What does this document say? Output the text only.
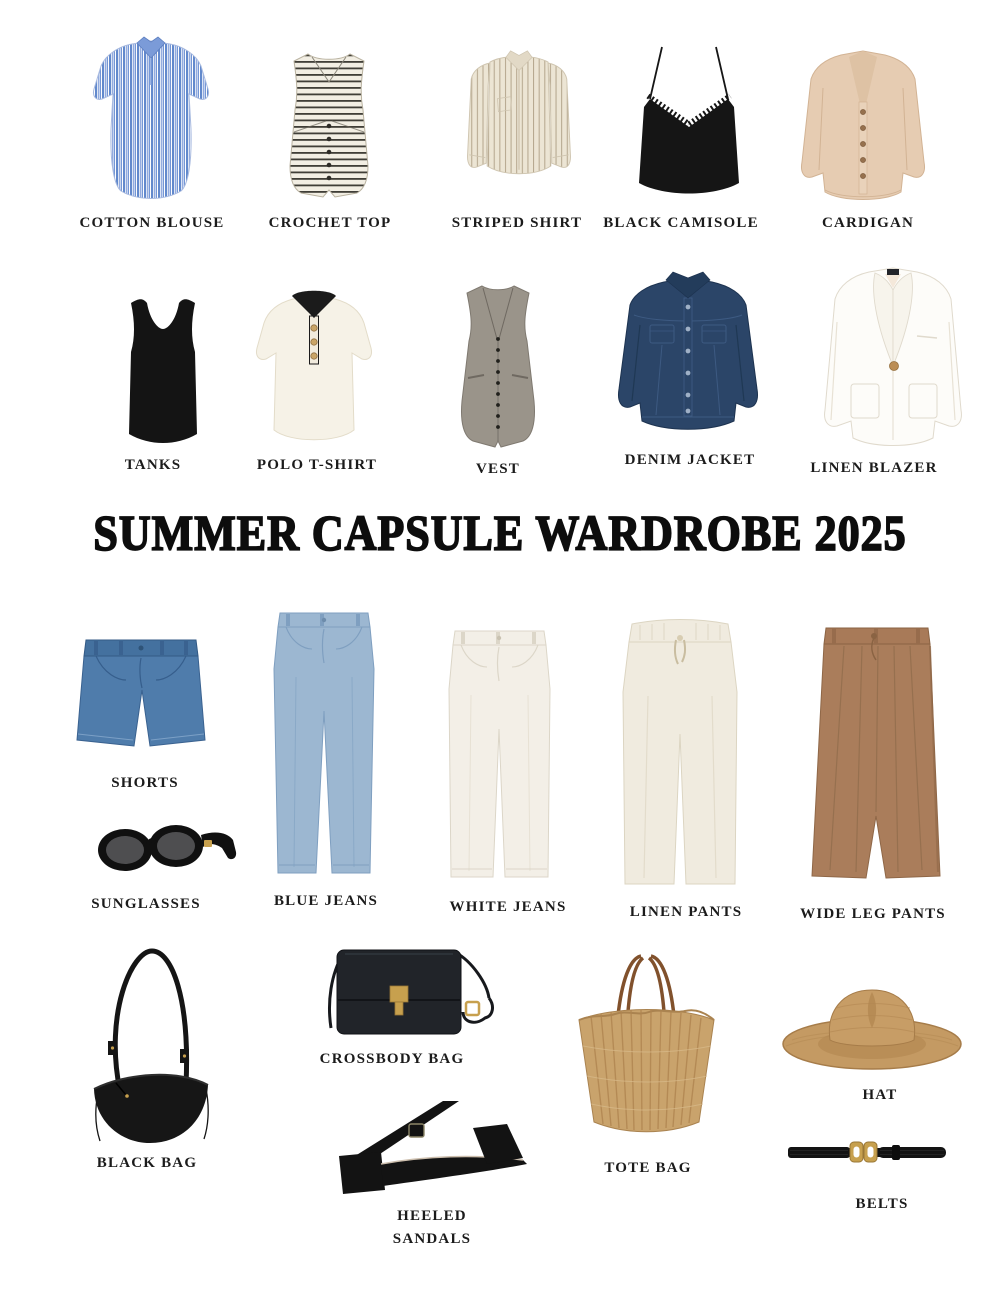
COTTON BLOUSE	CROCHET TOP	STRIPED SHIRT BLACK CAMISOLE	CARDIGAN
TANKS	POLO T-SHIRT	VEST
DENIM JACKET	LINEN BLAZER
SUMMER CAPSULE WARDROBE 2025
SHORTS
SUNGLASSES	BLUE JEANS	WHITE JEANS	LINEN PANTS	WIDE LEG PANTS
BLACK BAG
CROSSBODY BAG
HEELED SANDALS
TOTE BAG
HAT
BELTS
